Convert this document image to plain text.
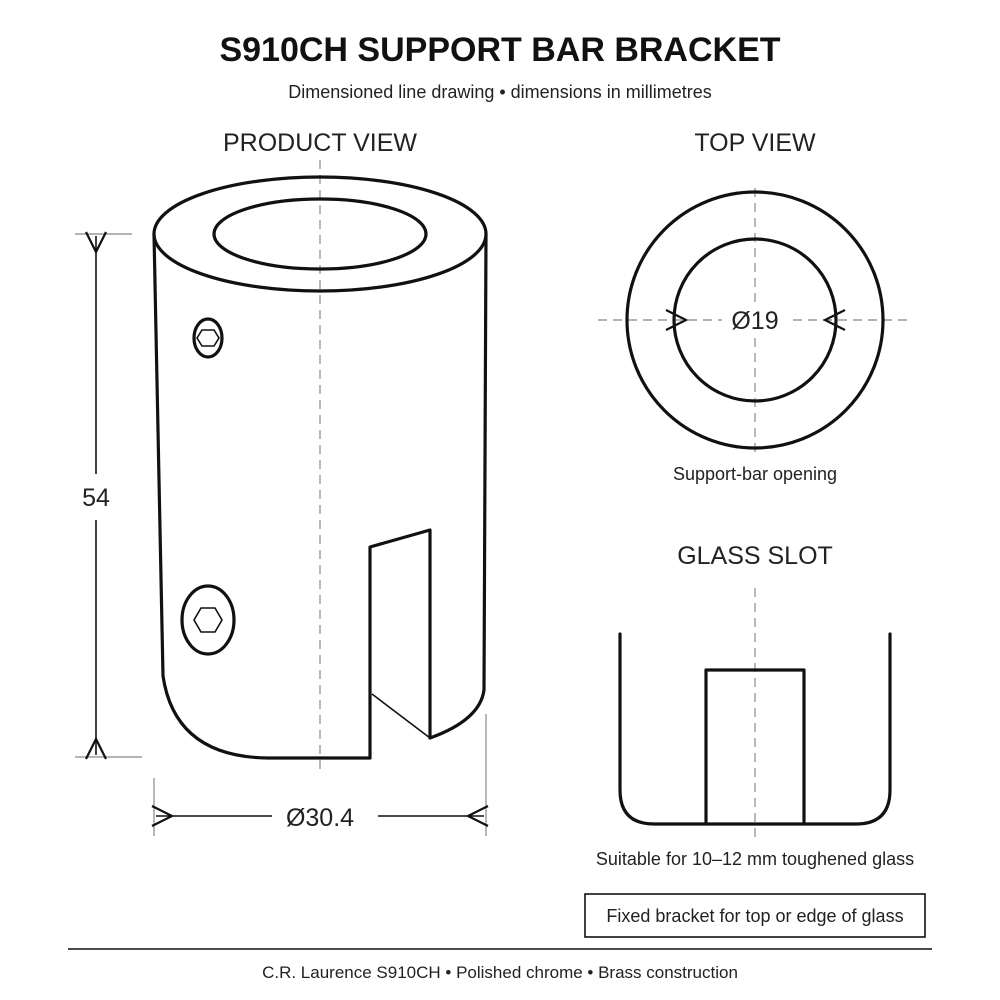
S910CH SUPPORT BAR BRACKET
Dimensioned line drawing • dimensions in millimetres
PRODUCT VIEW
54
Ø30.4
TOP VIEW
Ø19
Support-bar opening
GLASS SLOT
Suitable for 10–12 mm toughened glass
Fixed bracket for top or edge of glass
C.R. Laurence S910CH • Polished chrome • Brass construction
